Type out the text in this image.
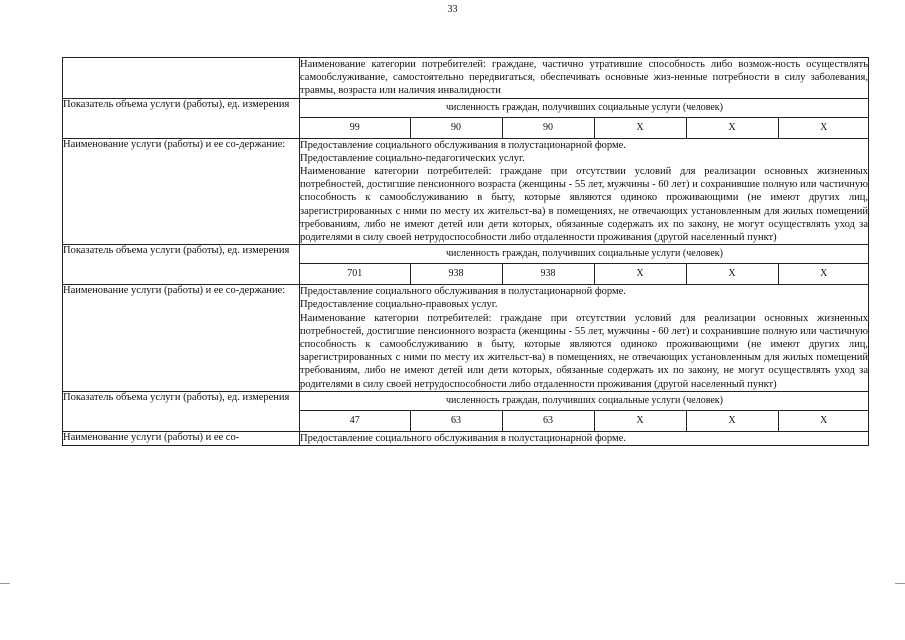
33

Наименование категории потребителей: граждане, частично утратившие способность либо возмож-ность осуществлять самообслуживание, самостоятельно передвигаться, обеспечивать основные жиз-ненные потребности в силу заболевания, травмы, возраста или наличия инвалидности

Показатель объема услуги (работы), ед. измерения		численность граждан, получивших социальные услуги (человек)
99	90	90	X	X	X

Наименование услуги (работы) и ее со-держание:	Предоставление социального обслуживания в полустационарной форме.

Предоставление социально-педагогических услуг.

Наименование категории потребителей: граждане при отсутствии условий для реализации основных жизненных потребностей, достигшие пенсионного возраста (женщины - 55 лет, мужчины - 60 лет) и сохранившие полную или частичную способность к самообслуживанию в быту, которые являются одиноко проживающими (не имеют других лиц, зарегистрированных с ними по месту их жительст-ва) в помещениях, не отвечающих установленным для жилых помещений требованиям, либо не имеют детей или дети которых, обязанные содержать их по закону, не могут осуществлять уход за родителями в силу своей нетрудоспособности либо отдаленности проживания (другой населенный пункт)

Показатель объема услуги (работы), ед. измерения		численность граждан, получивших социальные услуги (человек)
701	938	938	X	X	X

Наименование услуги (работы) и ее со-держание:	Предоставление социального обслуживания в полустационарной форме.

Предоставление социально-правовых услуг.

Наименование категории потребителей: граждане при отсутствии условий для реализации основных жизненных потребностей, достигшие пенсионного возраста (женщины - 55 лет, мужчины - 60 лет) и сохранившие полную или частичную способность к самообслуживанию в быту, которые являются одиноко проживающими (не имеют других лиц, зарегистрированных с ними по месту их жительст-ва) в помещениях, не отвечающих установленным для жилых помещений требованиям, либо не имеют детей или дети которых, обязанные содержать их по закону, не могут осуществлять уход за родителями в силу своей нетрудоспособности либо отдаленности проживания (другой населенный пункт)

Показатель объема услуги (работы), ед. измерения		численность граждан, получивших социальные услуги (человек)
47	63	63	X	X	X

Наименование услуги (работы) и ее со-	Предоставление социального обслуживания в полустационарной форме.
